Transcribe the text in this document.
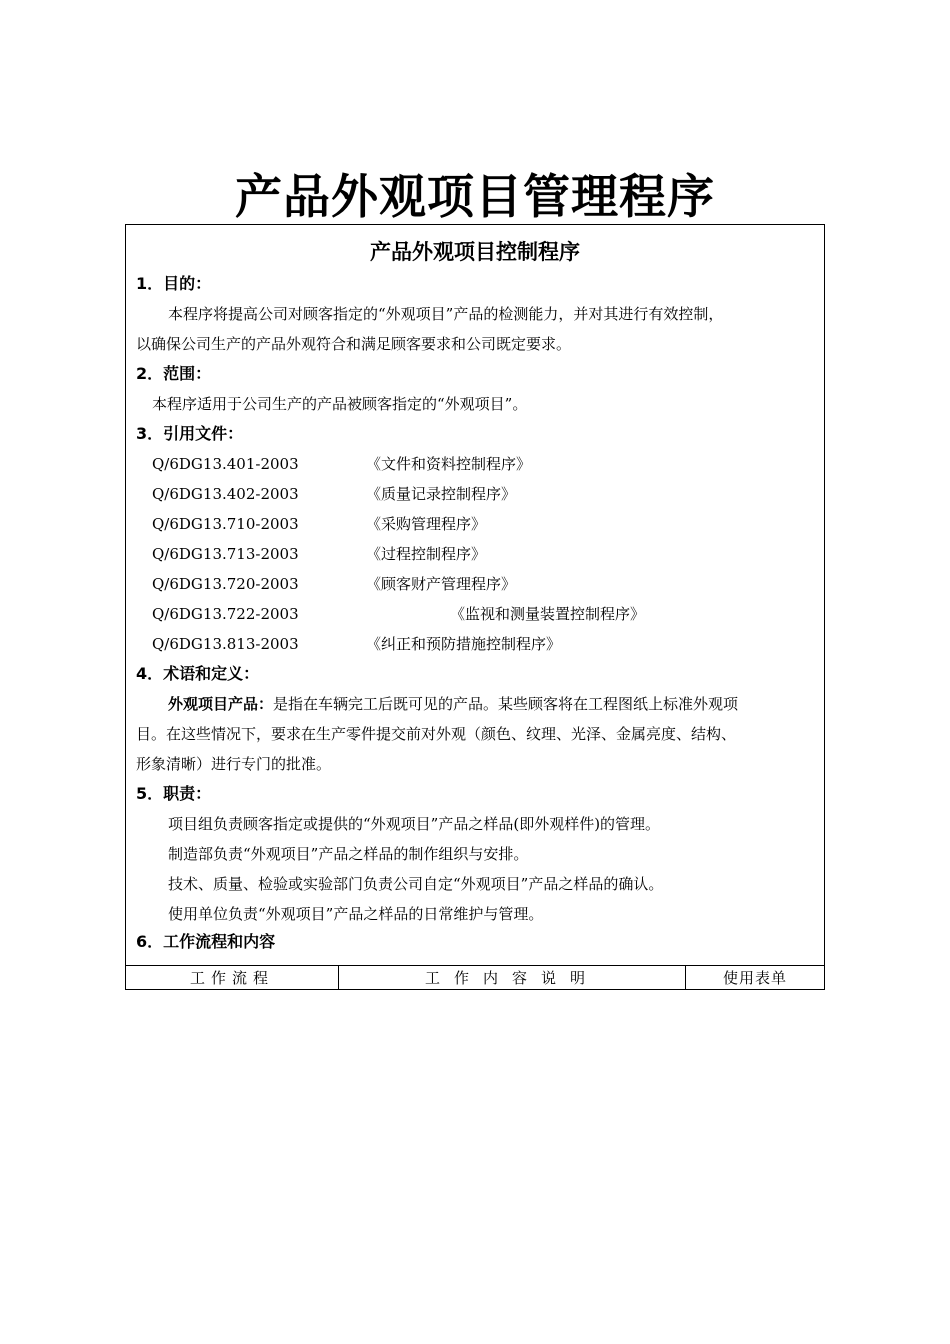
产品外观项目管理程序
产品外观项目控制程序
1．目的：
本程序将提高公司对顾客指定的“外观项目”产品的检测能力，并对其进行有效控制，
以确保公司生产的产品外观符合和满足顾客要求和公司既定要求。
2．范围：
本程序适用于公司生产的产品被顾客指定的“外观项目”。
3．引用文件：
Q/6DG13.401-2003	《文件和资料控制程序》
Q/6DG13.402-2003	《质量记录控制程序》
Q/6DG13.710-2003	《采购管理程序》
Q/6DG13.713-2003	《过程控制程序》
Q/6DG13.720-2003	《顾客财产管理程序》
Q/6DG13.722-2003	《监视和测量装置控制程序》
Q/6DG13.813-2003	《纠正和预防措施控制程序》
4．术语和定义：
外观项目产品：是指在车辆完工后既可见的产品。某些顾客将在工程图纸上标准外观项
目。在这些情况下，要求在生产零件提交前对外观（颜色、纹理、光泽、金属亮度、结构、
形象清晰）进行专门的批准。
5．职责：
项目组负责顾客指定或提供的“外观项目”产品之样品(即外观样件)的管理。
制造部负责“外观项目”产品之样品的制作组织与安排。
技术、质量、检验或实验部门负责公司自定“外观项目”产品之样品的确认。
使用单位负责“外观项目”产品之样品的日常维护与管理。
6．工作流程和内容
工作流程	工作内容说明	使用表单
